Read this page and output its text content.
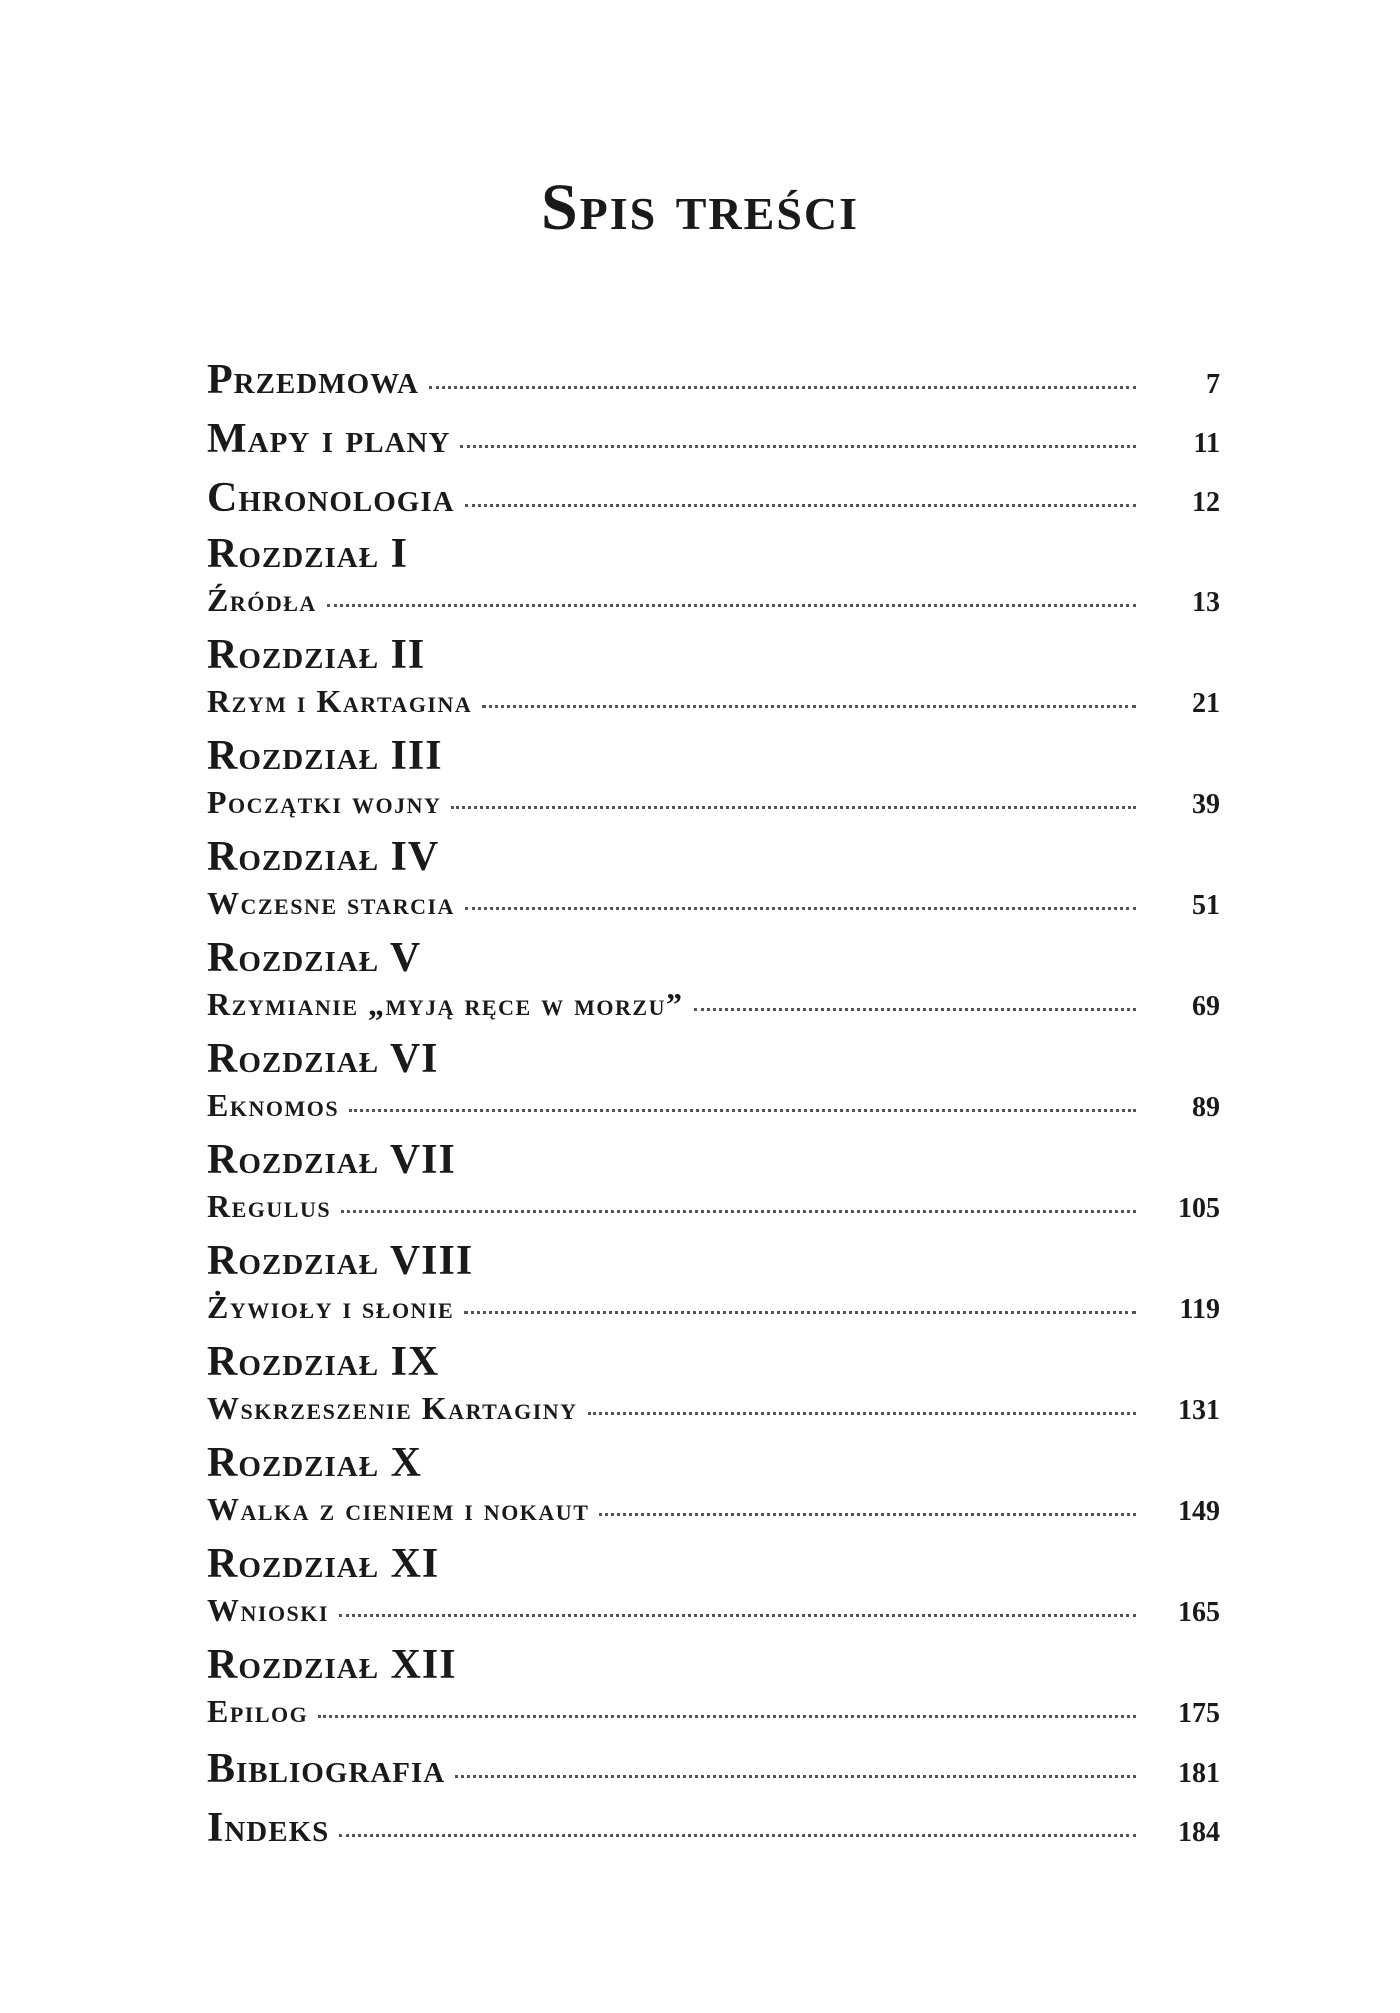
Spis treści
Przedmowa	7
Mapy i plany	11
Chronologia	12
Rozdział I
Źródła	13
Rozdział II
Rzym i Kartagina	21
Rozdział III
Początki wojny	39
Rozdział IV
Wczesne starcia	51
Rozdział V
Rzymianie „myją ręce w morzu”	69
Rozdział VI
Eknomos	89
Rozdział VII
Regulus	105
Rozdział VIII
Żywioły i słonie	119
Rozdział IX
Wskrzeszenie Kartaginy	131
Rozdział X
Walka z cieniem i nokaut	149
Rozdział XI
Wnioski	165
Rozdział XII
Epilog	175
Bibliografia	181
Indeks	184
